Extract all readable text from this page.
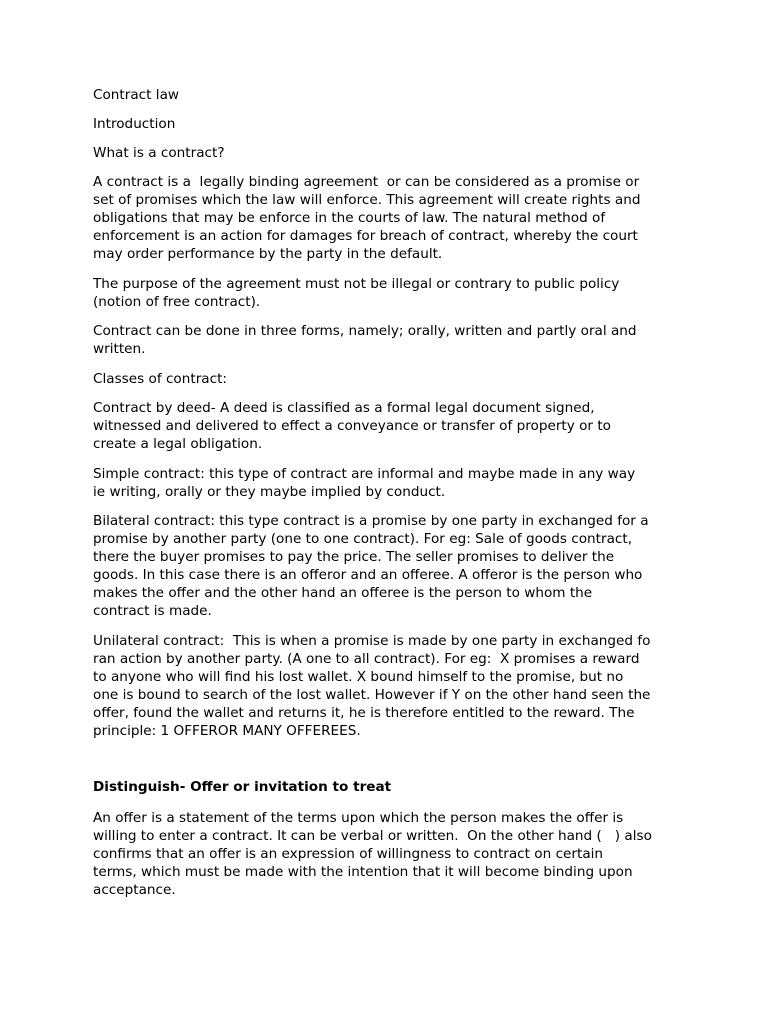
Contract law

Introduction

What is a contract?

A contract is a  legally binding agreement  or can be considered as a promise or
set of promises which the law will enforce. This agreement will create rights and
obligations that may be enforce in the courts of law. The natural method of
enforcement is an action for damages for breach of contract, whereby the court
may order performance by the party in the default.

The purpose of the agreement must not be illegal or contrary to public policy
(notion of free contract).

Contract can be done in three forms, namely; orally, written and partly oral and
written.

Classes of contract:

Contract by deed- A deed is classified as a formal legal document signed,
witnessed and delivered to effect a conveyance or transfer of property or to
create a legal obligation.

Simple contract: this type of contract are informal and maybe made in any way
ie writing, orally or they maybe implied by conduct.

Bilateral contract: this type contract is a promise by one party in exchanged for a
promise by another party (one to one contract). For eg: Sale of goods contract,
there the buyer promises to pay the price. The seller promises to deliver the
goods. In this case there is an offeror and an offeree. A offeror is the person who
makes the offer and the other hand an offeree is the person to whom the
contract is made.

Unilateral contract:  This is when a promise is made by one party in exchanged fo
ran action by another party. (A one to all contract). For eg:  X promises a reward
to anyone who will find his lost wallet. X bound himself to the promise, but no
one is bound to search of the lost wallet. However if Y on the other hand seen the
offer, found the wallet and returns it, he is therefore entitled to the reward. The
principle: 1 OFFEROR MANY OFFEREES.

Distinguish- Offer or invitation to treat

An offer is a statement of the terms upon which the person makes the offer is
willing to enter a contract. It can be verbal or written.  On the other hand (   ) also
confirms that an offer is an expression of willingness to contract on certain
terms, which must be made with the intention that it will become binding upon
acceptance.
